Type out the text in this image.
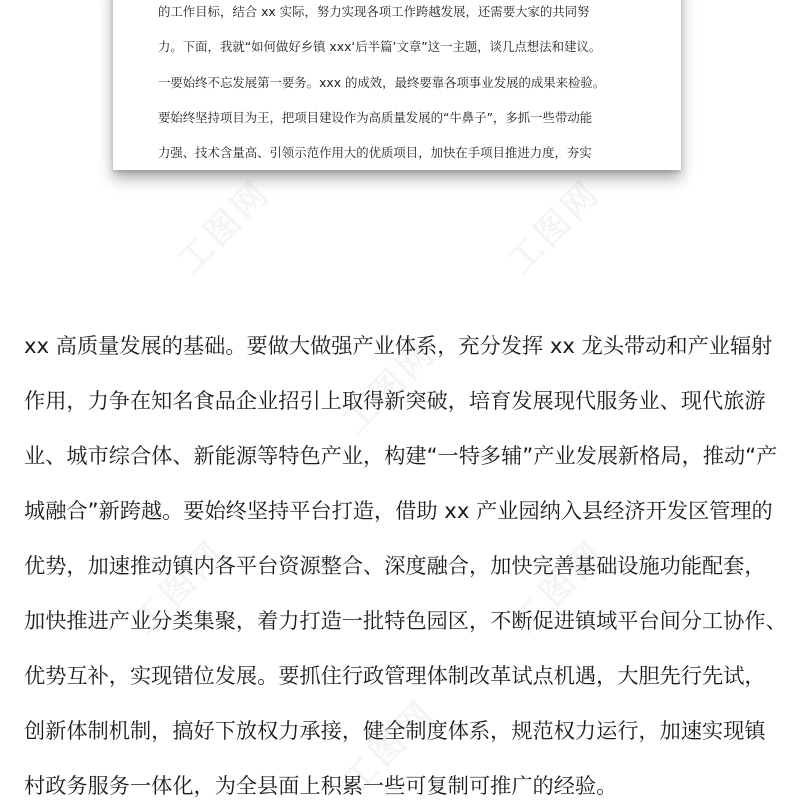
的工作目标，结合 xx 实际，努力实现各项工作跨越发展，还需要大家的共同努

力。下面，我就“如何做好乡镇 xxx‘后半篇’文章”这一主题，谈几点想法和建议。

一要始终不忘发展第一要务。xxx 的成效，最终要靠各项事业发展的成果来检验。

要始终坚持项目为王，把项目建设作为高质量发展的“牛鼻子”，多抓一些带动能

力强、技术含量高、引领示范作用大的优质项目，加快在手项目推进力度，夯实

xx 高质量发展的基础。要做大做强产业体系，充分发挥 xx 龙头带动和产业辐射

作用，力争在知名食品企业招引上取得新突破，培育发展现代服务业、现代旅游

业、城市综合体、新能源等特色产业，构建“一特多辅”产业发展新格局，推动“产

城融合”新跨越。要始终坚持平台打造，借助 xx 产业园纳入县经济开发区管理的

优势，加速推动镇内各平台资源整合、深度融合，加快完善基础设施功能配套，

加快推进产业分类集聚，着力打造一批特色园区，不断促进镇域平台间分工协作、

优势互补，实现错位发展。要抓住行政管理体制改革试点机遇，大胆先行先试，

创新体制机制，搞好下放权力承接，健全制度体系，规范权力运行，加速实现镇

村政务服务一体化，为全县面上积累一些可复制可推广的经验。
